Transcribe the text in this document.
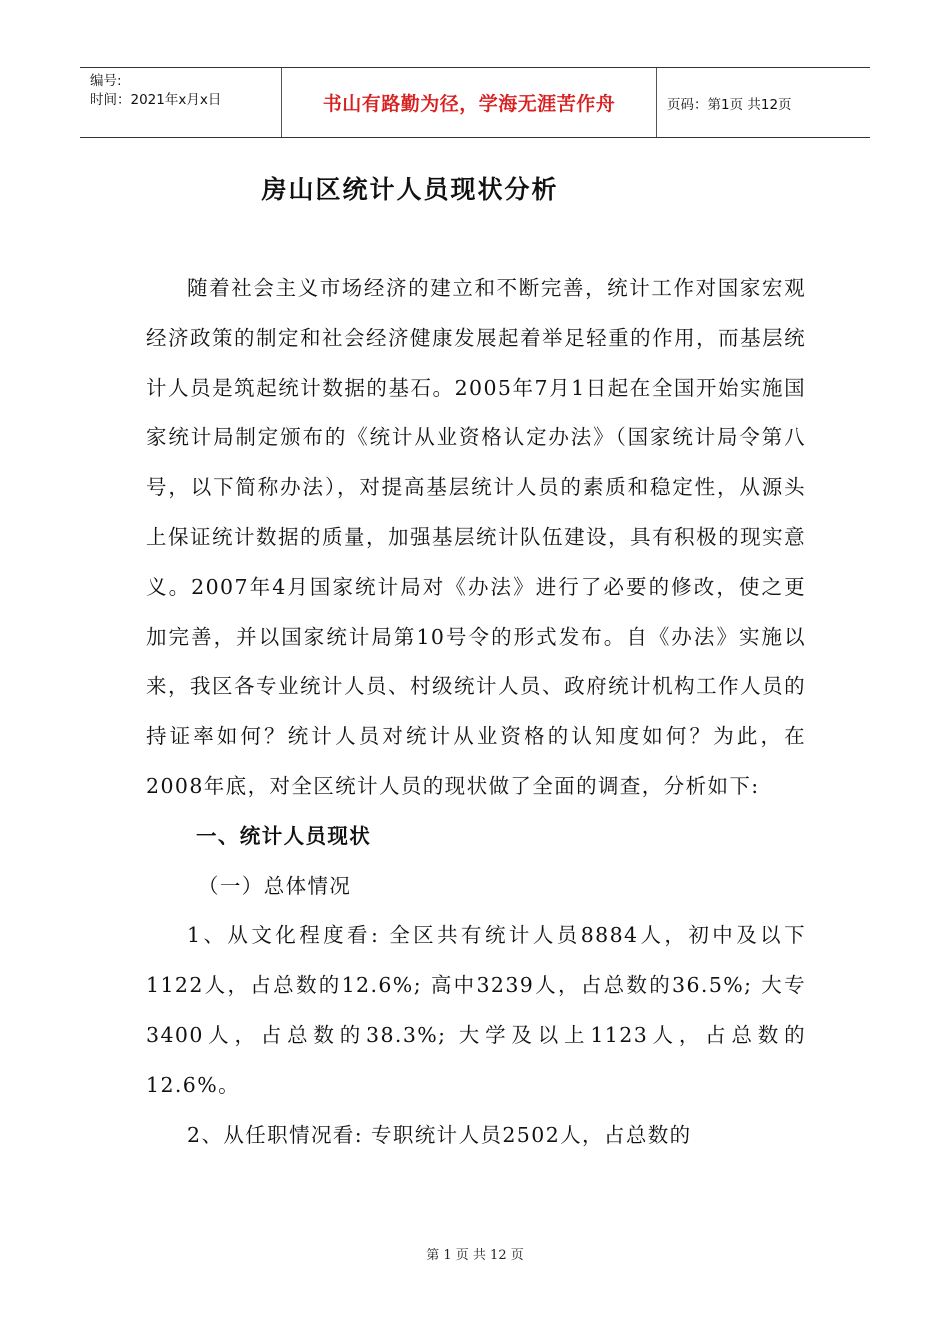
编号:
时间：2021年x月x日	书山有路勤为径，学海无涯苦作舟	页码：第1页 共12页
房山区统计人员现状分析

随着社会主义市场经济的建立和不断完善，统计工作对国家宏观经济政策的制定和社会经济健康发展起着举足轻重的作用，而基层统计人员是筑起统计数据的基石。2005年7月1日起在全国开始实施国家统计局制定颁布的《统计从业资格认定办法》（国家统计局令第八号，以下简称办法），对提高基层统计人员的素质和稳定性，从源头上保证统计数据的质量，加强基层统计队伍建设，具有积极的现实意义。2007年4月国家统计局对《办法》进行了必要的修改，使之更加完善，并以国家统计局第10号令的形式发布。自《办法》实施以来，我区各专业统计人员、村级统计人员、政府统计机构工作人员的持证率如何？统计人员对统计从业资格的认知度如何？为此，在2008年底，对全区统计人员的现状做了全面的调查，分析如下:

一、统计人员现状

（一）总体情况

1、从文化程度看: 全区共有统计人员8884人，初中及以下1122人，占总数的12.6%; 高中3239人，占总数的36.5%; 大专3400人，占总数的38.3%; 大学及以上1123人，占总数的12.6%。

2、从任职情况看: 专职统计人员2502人，占总数的

第 1 页 共 12 页
